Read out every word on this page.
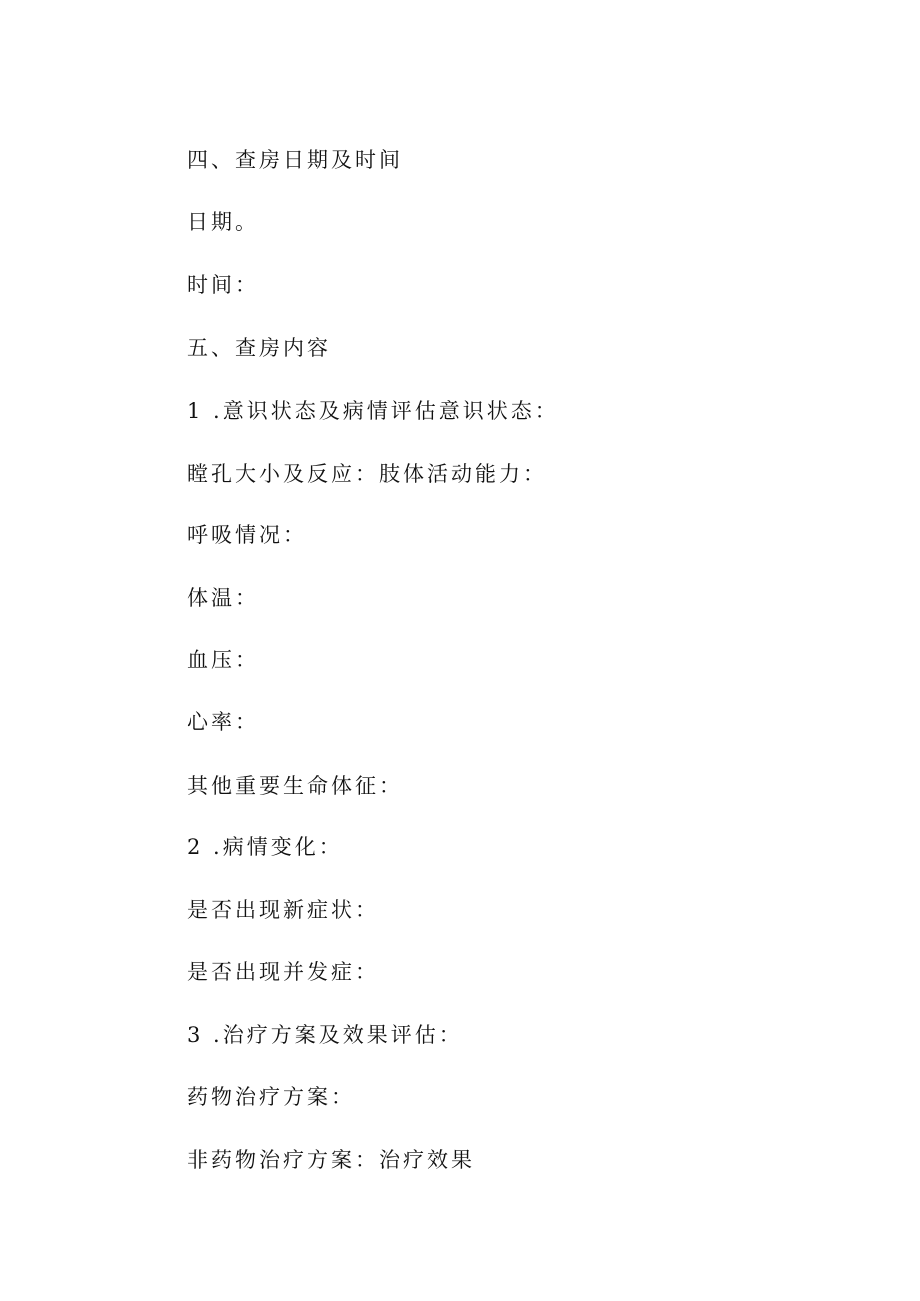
四、查房日期及时间
日期。
时间：
五、查房内容
1 .意识状态及病情评估意识状态：
瞠孔大小及反应：肢体活动能力：
呼吸情况：
体温：
血压：
心率：
其他重要生命体征：
2 .病情变化：
是否出现新症状：
是否出现并发症：
3 .治疗方案及效果评估：
药物治疗方案：
非药物治疗方案：治疗效果
